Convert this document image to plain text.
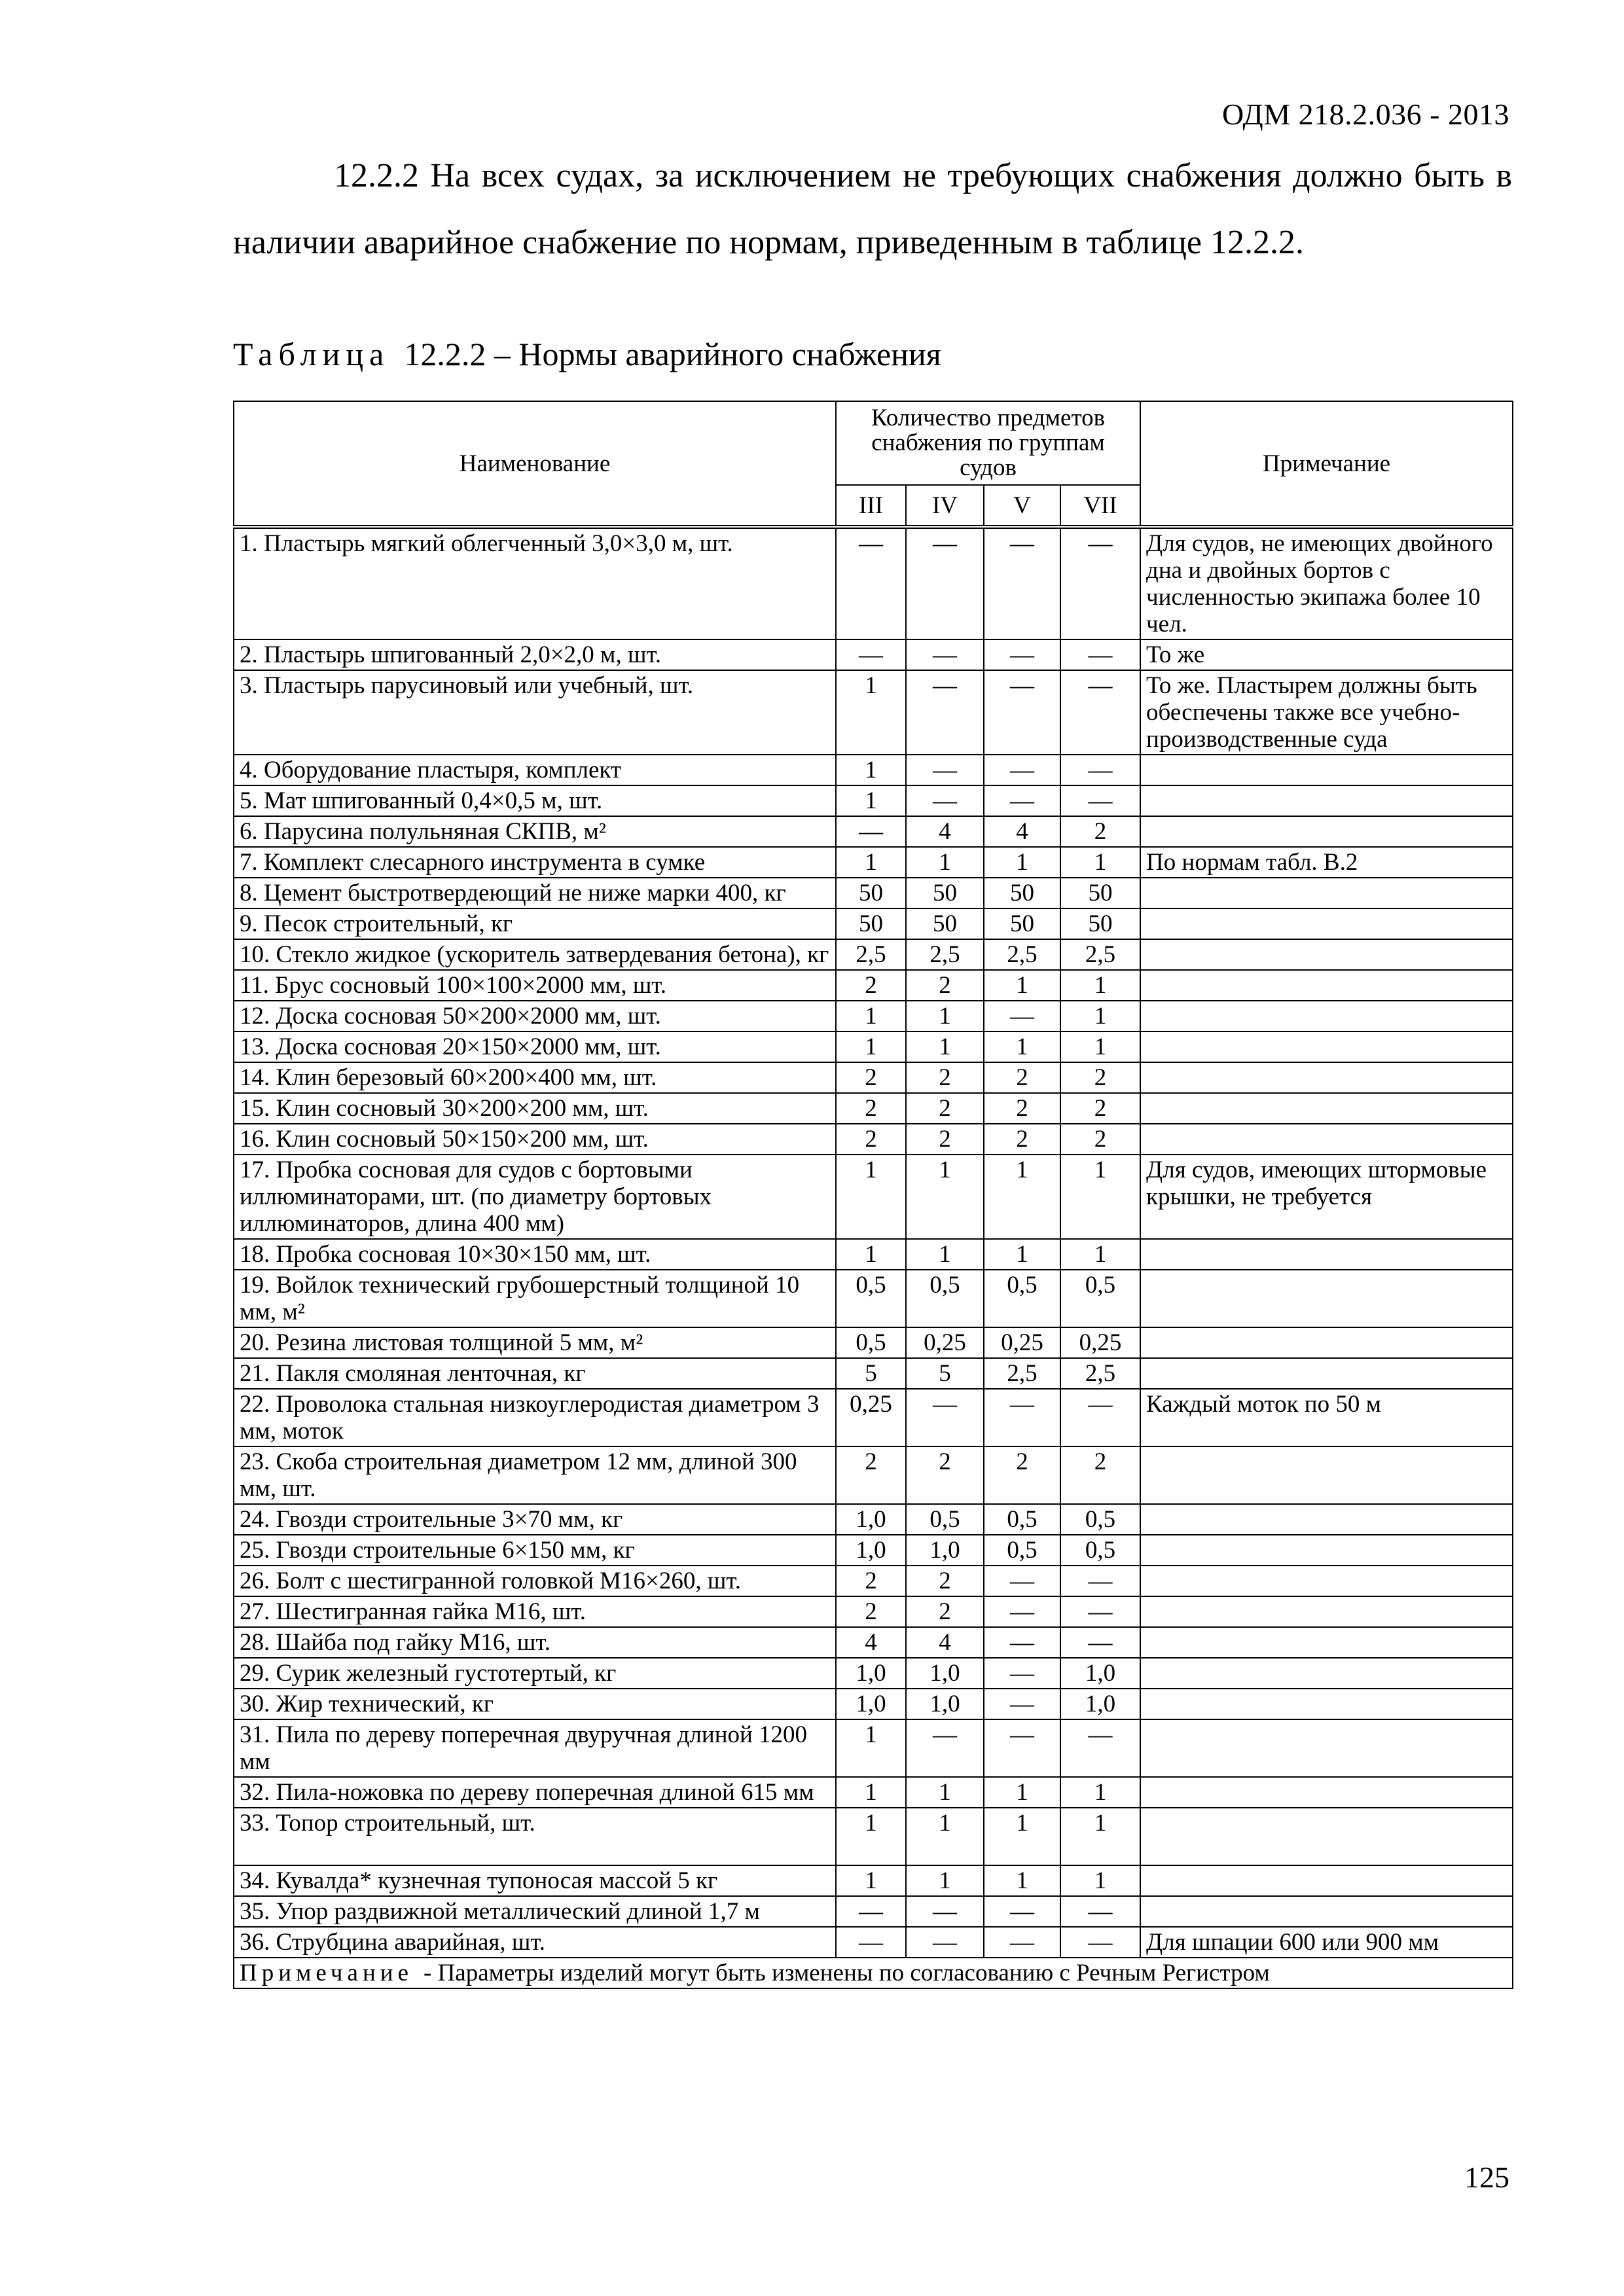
ОДМ 218.2.036 - 2013

12.2.2 На всех судах, за исключением не требующих снабжения должно быть в наличии аварийное снабжение по нормам, приведенным в таблице 12.2.2.

Таблица 12.2.2 – Нормы аварийного снабжения
Наименование	Количество предметов снабжения по группам судов				Примечание
	III	IV	V	VII	
1. Пластырь мягкий облегченный 3,0×3,0 м, шт.	—	—	—	—	Для судов, не имеющих двойного дна и двойных бортов с численностью экипажа более 10 чел.
2. Пластырь шпигованный 2,0×2,0 м, шт.	—	—	—	—	То же
3. Пластырь парусиновый или учебный, шт.	1	—	—	—	То же. Пластырем должны быть обеспечены также все учебно-производственные суда
4. Оборудование пластыря, комплект	1	—	—	—	
5. Мат шпигованный 0,4×0,5 м, шт.	1	—	—	—	
6. Парусина полульняная СКПВ, м²	—	4	4	2	
7. Комплект слесарного инструмента в сумке	1	1	1	1	По нормам табл. В.2
8. Цемент быстротвердеющий не ниже марки 400, кг	50	50	50	50	
9. Песок строительный, кг	50	50	50	50	
10. Стекло жидкое (ускоритель затвердевания бетона), кг	2,5	2,5	2,5	2,5	
11. Брус сосновый 100×100×2000 мм, шт.	2	2	1	1	
12. Доска сосновая 50×200×2000 мм, шт.	1	1	—	1	
13. Доска сосновая 20×150×2000 мм, шт.	1	1	1	1	
14. Клин березовый 60×200×400 мм, шт.	2	2	2	2	
15. Клин сосновый 30×200×200 мм, шт.	2	2	2	2	
16. Клин сосновый 50×150×200 мм, шт.	2	2	2	2	
17. Пробка сосновая для судов с бортовыми иллюминаторами, шт. (по диаметру бортовых иллюминаторов, длина 400 мм)	1	1	1	1	Для судов, имеющих штормовые крышки, не требуется
18. Пробка сосновая 10×30×150 мм, шт.	1	1	1	1	
19. Войлок технический грубошерстный толщиной 10 мм, м²	0,5	0,5	0,5	0,5	
20. Резина листовая толщиной 5 мм, м²	0,5	0,25	0,25	0,25	
21. Пакля смоляная ленточная, кг	5	5	2,5	2,5	
22. Проволока стальная низкоуглеродистая диаметром 3 мм, моток	0,25	—	—	—	Каждый моток по 50 м
23. Скоба строительная диаметром 12 мм, длиной 300 мм, шт.	2	2	2	2	
24. Гвозди строительные 3×70 мм, кг	1,0	0,5	0,5	0,5	
25. Гвозди строительные 6×150 мм, кг	1,0	1,0	0,5	0,5	
26. Болт с шестигранной головкой М16×260, шт.	2	2	—	—	
27. Шестигранная гайка М16, шт.	2	2	—	—	
28. Шайба под гайку М16, шт.	4	4	—	—	
29. Сурик железный густотертый, кг	1,0	1,0	—	1,0	
30. Жир технический, кг	1,0	1,0	—	1,0	
31. Пила по дереву поперечная двуручная длиной 1200 мм	1	—	—	—	
32. Пила-ножовка по дереву поперечная длиной 615 мм	1	1	1	1	
33. Топор строительный, шт.	1	1	1	1	
34. Кувалда* кузнечная тупоносая массой 5 кг	1	1	1	1	
35. Упор раздвижной металлический длиной 1,7 м	—	—	—	—	
36. Струбцина аварийная, шт.	—	—	—	—	Для шпации 600 или 900 мм
Примечание - Параметры изделий могут быть изменены по согласованию с Речным Регистром					
125
